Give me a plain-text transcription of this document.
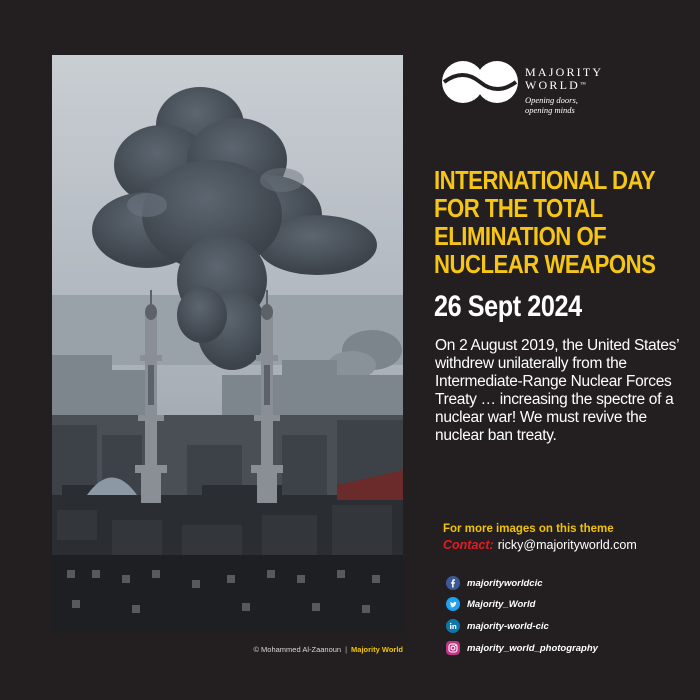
© Mohammed Al-Zaanoun | Majority World
MAJORITY
WORLD™
Opening doors,
opening minds
INTERNATIONAL DAY
FOR THE TOTAL
ELIMINATION OF
NUCLEAR WEAPONS
26 Sept 2024
On 2 August 2019, the United States’ withdrew unilaterally from the Intermediate-Range Nuclear Forces Treaty … increasing the spectre of a nuclear war! We must revive the nuclear ban treaty.
For more images on this theme
Contact: ricky@majorityworld.com
majorityworldcic
Majority_World
majority-world-cic
majority_world_photography
